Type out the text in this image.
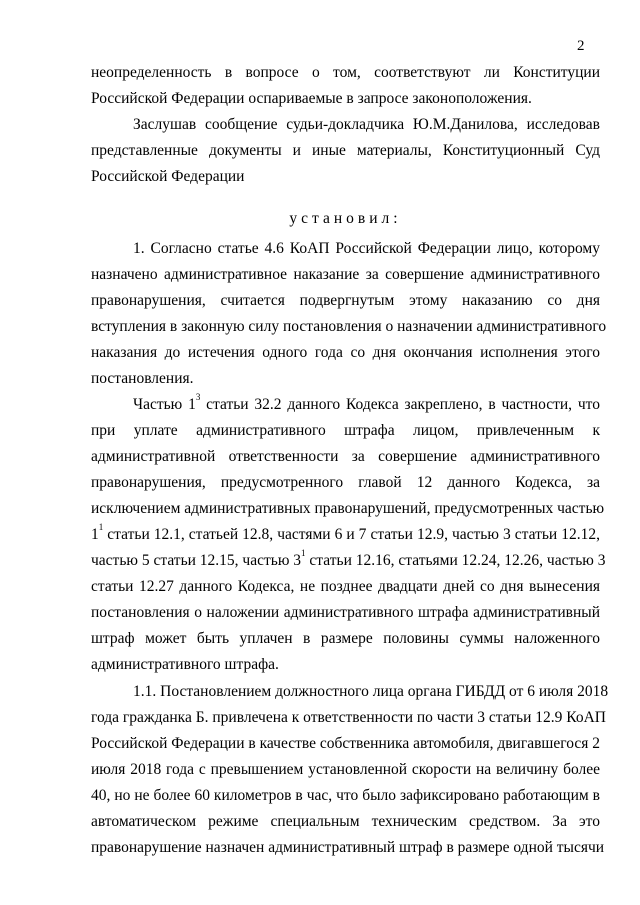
2
неопределенность в вопросе о том, соответствуют ли Конституции
Российской Федерации оспариваемые в запросе законоположения.
Заслушав сообщение судьи-докладчика Ю.М.Данилова, исследовав
представленные документы и иные материалы, Конституционный Суд
Российской Федерации
установил:
1. Согласно статье 4.6 КоАП Российской Федерации лицо, которому
назначено административное наказание за совершение административного
правонарушения, считается подвергнутым этому наказанию со дня
вступления в законную силу постановления о назначении административного
наказания до истечения одного года со дня окончания исполнения этого
постановления.
Частью $1^3$ статьи 32.2 данного Кодекса закреплено, в частности, что
при уплате административного штрафа лицом, привлеченным к
административной ответственности за совершение административного
правонарушения, предусмотренного главой 12 данного Кодекса, за
исключением административных правонарушений, предусмотренных частью
$1^1$ статьи 12.1, статьей 12.8, частями 6 и 7 статьи 12.9, частью 3 статьи 12.12,
частью 5 статьи 12.15, частью $3^1$ статьи 12.16, статьями 12.24, 12.26, частью 3
статьи 12.27 данного Кодекса, не позднее двадцати дней со дня вынесения
постановления о наложении административного штрафа административный
штраф может быть уплачен в размере половины суммы наложенного
административного штрафа.
1.1. Постановлением должностного лица органа ГИБДД от 6 июля 2018
года гражданка Б. привлечена к ответственности по части 3 статьи 12.9 КоАП
Российской Федерации в качестве собственника автомобиля, двигавшегося 2
июля 2018 года с превышением установленной скорости на величину более
40, но не более 60 километров в час, что было зафиксировано работающим в
автоматическом режиме специальным техническим средством. За это
правонарушение назначен административный штраф в размере одной тысячи
